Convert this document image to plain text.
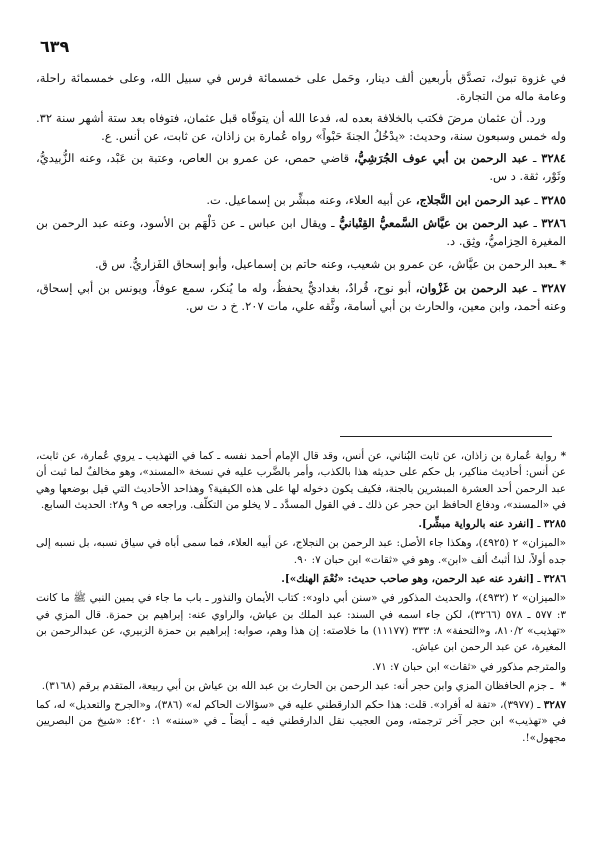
٦٣٩

في غزوة تبوك، تصدَّق بأربعين ألف دينار، وحَمل على خمسمائة فرس في سبيل الله، وعلى خمسمائة راحلة، وعامة ماله من التجارة.

ورد. أن عثمان مرضَ فكتب بالخلافة بعده له، فدعا الله أن يتوفّاه قبل عثمان، فتوفاه بعد ستة أشهر سنة ٣٢. وله خمس وسبعون سنة، وحديث: «يدْخُلُ الجنةَ حَبْواً» رواه عُمارة بن زاذان، عن ثابت، عن أنس. ع.

٣٢٨٤ ـ عبد الرحمن بن أبي عوف الجُرَشِيُّ، قاضي حمص، عن عمرو بن العاص، وعتبة بن عَبْد، وعنه الزُّبيديُّ، وثَوْر، ثقة. د س.

٣٢٨٥ ـ عبد الرحمن ابن النَّجلاج، عن أبيه العلاء، وعنه مبشِّر بن إسماعيل. ت.

٣٢٨٦ ـ عبد الرحمن بن عيَّاش السَّمعيُّ القِتْبانيُّ ـ ويقال ابن عباس ـ عن دَلْهَم بن الأسود، وعنه عبد الرحمن بن المغيرة الحِزاميُّ، وثِق. د.

* ـعبد الرحمن بن عيَّاش، عن عمرو بن شعيب، وعنه حاتم بن إسماعيل، وأبو إسحاق الفَزاريُّ. س ق.

٣٢٨٧ ـ عبد الرحمن بن غَزْوان، أبو نوح، قُرادٌ، بغداديٌّ يحفظُ، وله ما يُنكر، سمع عوفاً، ويونس بن أبي إسحاق، وعنه أحمد، وابن معين، والحارث بن أبي أسامة، وثَّقه علي، مات ٢٠٧. خ د ت س.

*رواية عُمارة بن زاذان، عن ثابت البُناني، عن أنس، وقد قال الإمام أحمد نفسه ـ كما في التهذيب ـ يروي عُمارة، عن ثابت، عن أنس: أحاديث مناكير، بل حكم على حديثه هذا بالكذب، وأمر بالضَّرب عليه في نسخة «المسند»، وهو مخالفٌ لما ثبت أن عبد الرحمن أحد العشرة المبشرين بالجنة، فكيف يكون دخوله لها على هذه الكيفية؟ وهذاحد الأحاديث التي قيل بوضعها وهي في «المسند»، ودفاع الحافظ ابن حجر عن ذلك ـ في القول المسدَّد ـ لا يخلو من التكلّف. وراجعه ص ٩ و٢٨: الحديث السابع.

٣٢٨٥ ـ [انفرد عنه بالرواية مبشِّر].

«الميزان» ٢ (٤٩٢٥)، وهكذا جاء الأصل: عبد الرحمن بن النجلاج، عن أبيه العلاء، فما سمى أباه في سياق نسبه، بل نسبه إلى جده أولاً، لذا أثبتُ ألف «ابن». وهو في «ثقات» ابن حبان ٧: ٩٠.

٣٢٨٦ ـ [انفرد عنه عبد الرحمن، وهو صاحب حديث: «نُعْمَ الهنك»].

«الميزان» ٢ (٤٩٣٢)، والحديث المذكور في «سنن أبي داود»: كتاب الأيمان والنذور ـ باب ما جاء في يمين النبي ﷺ ما كانت ٣: ٥٧٧ ـ ٥٧٨ (٣٢٦٦)، لكن جاء اسمه في السند: عبد الملك بن عياش، والراوي عنه: إبراهيم بن حمزة. قال المزي في «تهذيب» ٨١٠/٢، و«التحفة» ٨: ٣٣٣ (١١١٧٧) ما خلاصته: إن هذا وهم، صوابه: إبراهيم بن حمزة الزبيري، عن عبدالرحمن بن المغيرة، عن عبد الرحمن ابن عياش.

والمترجم مذكور في «ثقات» ابن حبان ٧: ٧١.

* ـ جزم الحافظان المزي وابن حجر أنه: عبد الرحمن بن الحارث بن عبد الله بن عياش بن أبي ربيعة، المتقدم برقم (٣١٦٨).

٣٢٨٧ ـ (٣٩٧٧)، «تفة له أفراد». قلت: هذا حكم الدارقطني عليه في «سؤالات الحاكم له» (٣٨٦)، و«الجرح والتعديل» له، كما في «تهذيب» ابن حجر آخر ترجمته، ومن العجيب نقل الدارقطني فيه ـ أيضاً ـ في «سننه» ١: ٤٢٠: «شيخ من البصريين مجهول»!.
